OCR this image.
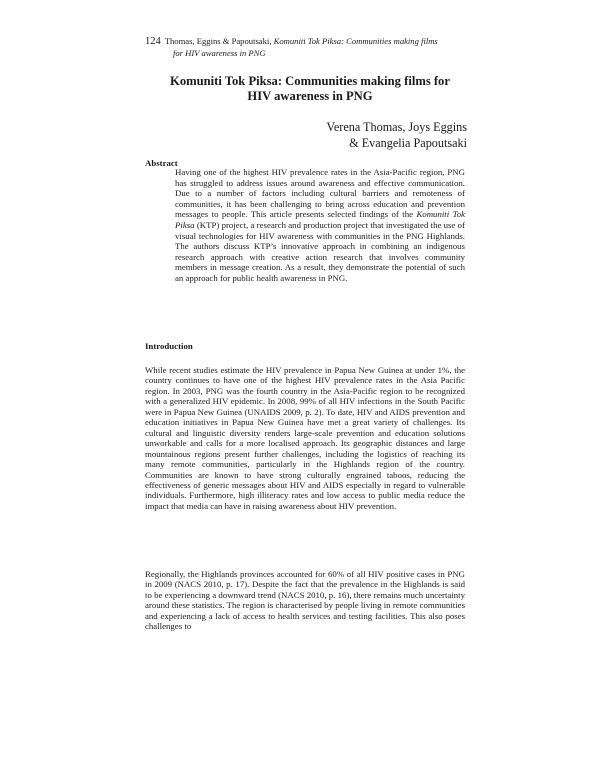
124 Thomas, Eggins & Papoutsaki, Komuniti Tok Piksa: Communities making films
for HIV awareness in PNG
Komuniti Tok Piksa: Communities making films for
HIV awareness in PNG
Verena Thomas, Joys Eggins
& Evangelia Papoutsaki
Abstract
Having one of the highest HIV prevalence rates in the Asia-Pacific region, PNG has struggled to address issues around awareness and effective communication. Due to a number of factors including cultural barriers and remoteness of communities, it has been challenging to bring across education and prevention messages to people. This article presents selected findings of the Komuniti Tok Piksa (KTP) project, a research and production project that investigated the use of visual technologies for HIV awareness with communities in the PNG Highlands. The authors discuss KTP’s innovative approach in combining an indigenous research approach with creative action research that involves community members in message creation. As a result, they demonstrate the potential of such an approach for public health awareness in PNG.
Introduction

While recent studies estimate the HIV prevalence in Papua New Guinea at under 1%, the country continues to have one of the highest HIV prevalence rates in the Asia Pacific region. In 2003, PNG was the fourth country in the Asia-Pacific region to be recognized with a generalized HIV epidemic. In 2008, 99% of all HIV infections in the South Pacific were in Papua New Guinea (UNAIDS 2009, p. 2). To date, HIV and AIDS prevention and education initiatives in Papua New Guinea have met a great variety of challenges. Its cultural and linguistic diversity renders large-scale prevention and education solutions unworkable and calls for a more localised approach. Its geographic distances and large mountainous regions present further challenges, including the logistics of reaching its many remote communities, particularly in the Highlands region of the country. Communities are known to have strong culturally engrained taboos, reducing the effectiveness of generic messages about HIV and AIDS especially in regard to vulnerable individuals. Furthermore, high illiteracy rates and low access to public media reduce the impact that media can have in raising awareness about HIV prevention.

Regionally, the Highlands provinces accounted for 60% of all HIV positive cases in PNG in 2009 (NACS 2010, p. 17). Despite the fact that the prevalence in the Highlands is said to be experiencing a downward trend (NACS 2010, p. 16), there remains much uncertainty around these statistics. The region is characterised by people living in remote communities and experiencing a lack of access to health services and testing facilities. This also poses challenges to
